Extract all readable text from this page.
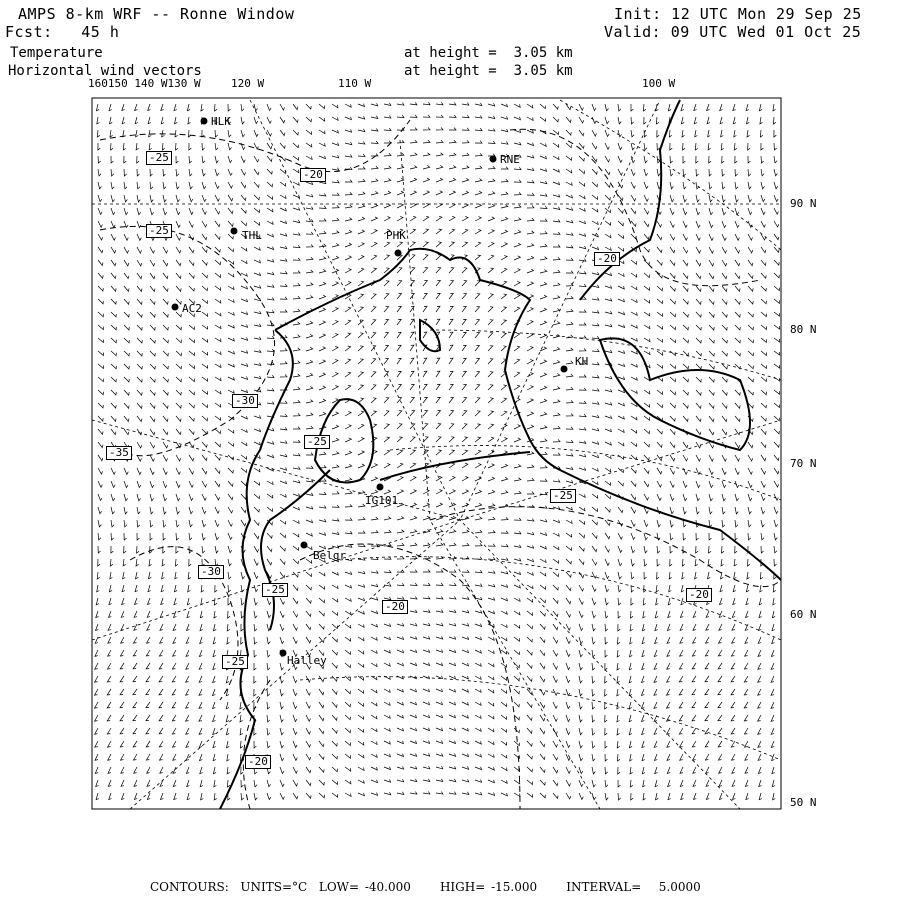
AMPS 8-km WRF -- Ronne Window
Fcst:   45 h
Init: 12 UTC Mon 29 Sep 25
Valid: 09 UTC Wed 01 Oct 25
Temperature
Horizontal wind vectors
at height =  3.05 km
at height =  3.05 km
160150 140 W130 W	120 W	110 W	100 W
90 N
80 N
70 N
60 N
50 N
HLK
RNE
THL	PHK
AC2
KH
IG101
Belgr
Halley
-25
-20
-25
-20
-30
-35
-25
-25
-30
-25
-20
-20
-25
-20
CONTOURS:  UNITS=°C  LOW= -40.000     HIGH= -15.000     INTERVAL=   5.0000
